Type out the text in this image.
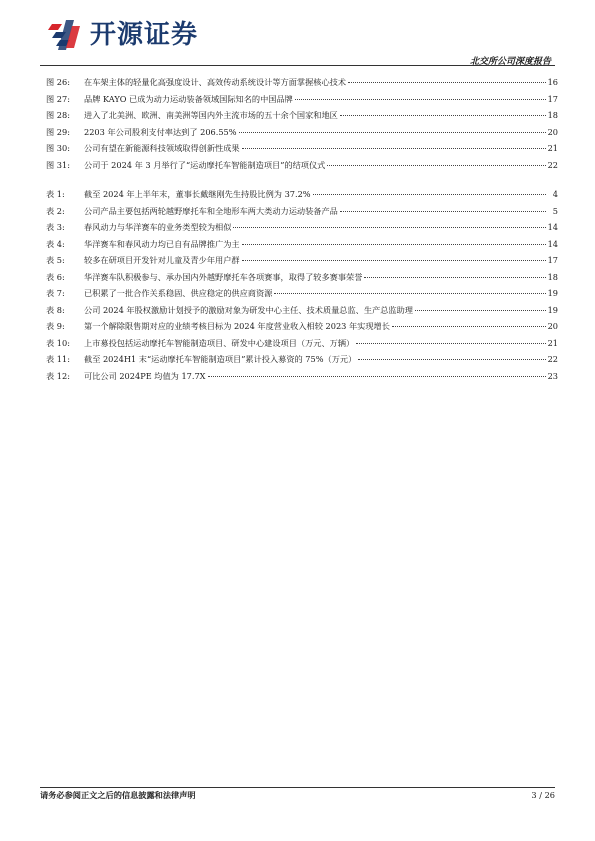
开源证券
北交所公司深度报告
图 26:	在车架主体的轻量化高强度设计、高效传动系统设计等方面掌握核心技术	16
图 27:	品牌 KAYO 已成为动力运动装备领域国际知名的中国品牌	17
图 28:	进入了北美洲、欧洲、南美洲等国内外主流市场的五十余个国家和地区	18
图 29:	2203 年公司股利支付率达到了 206.55%	20
图 30:	公司有望在新能源科技领域取得创新性成果	21
图 31:	公司于 2024 年 3 月举行了“运动摩托车智能制造项目”的结项仪式	22
表 1:	截至 2024 年上半年末，董事长戴继刚先生持股比例为 37.2%	4
表 2:	公司产品主要包括两轮越野摩托车和全地形车两大类动力运动装备产品	5
表 3:	春风动力与华洋赛车的业务类型较为相似	14
表 4:	华洋赛车和春风动力均已自有品牌推广为主	14
表 5:	较多在研项目开发针对儿童及青少年用户群	17
表 6:	华洋赛车队积极参与、承办国内外越野摩托车各项赛事，取得了较多赛事荣誉	18
表 7:	已积累了一批合作关系稳固、供应稳定的供应商资源	19
表 8:	公司 2024 年股权激励计划授予的激励对象为研发中心主任、技术质量总监、生产总监助理	19
表 9:	第一个解除限售期对应的业绩考核目标为 2024 年度营业收入相较 2023 年实现增长	20
表 10:	上市募投包括运动摩托车智能制造项目、研发中心建设项目（万元、万辆）	21
表 11:	截至 2024H1 末“运动摩托车智能制造项目”累计投入募资的 75%（万元）	22
表 12:	可比公司 2024PE 均值为 17.7X	23
请务必参阅正文之后的信息披露和法律声明	3 / 26
